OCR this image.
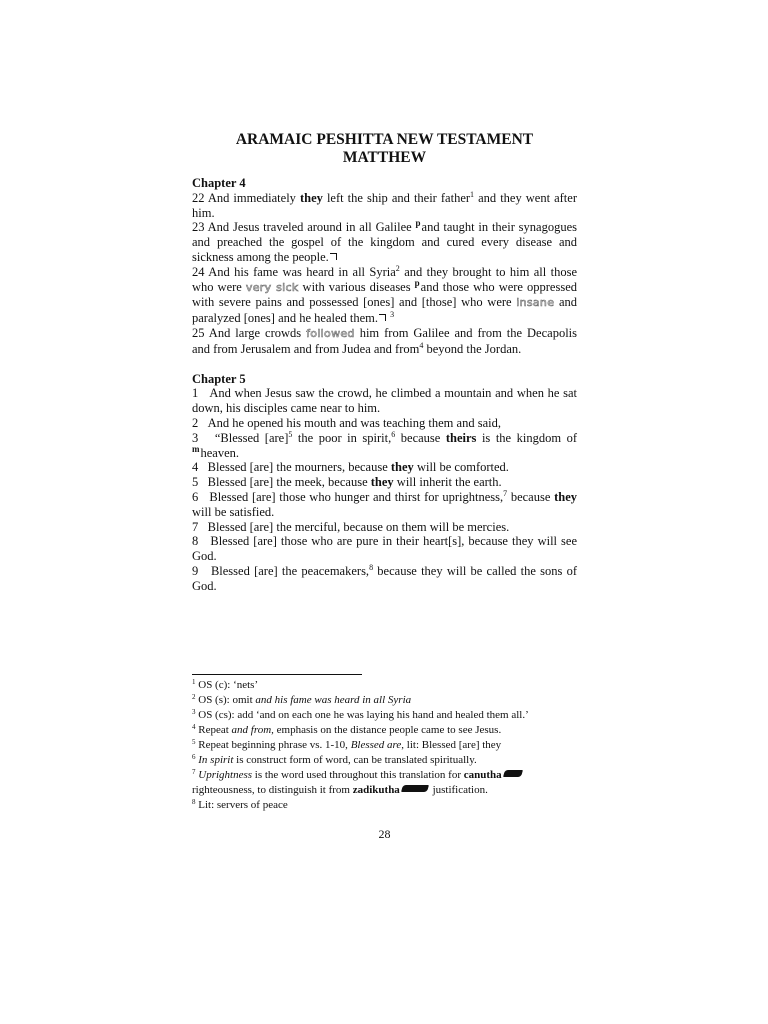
ARAMAIC PESHITTA NEW TESTAMENT
MATTHEW
Chapter 4

22 And immediately they left the ship and their father$^1$ and they went after him.

23 And Jesus traveled around in all Galilee $^p$and taught in their synagogues and preached the gospel of the kingdom and cured every disease and sickness among the people.

24 And his fame was heard in all Syria$^2$ and they brought to him all those who were very sick with various diseases $^p$and those who were oppressed with severe pains and possessed [ones] and [those] who were insane and paralyzed [ones] and he healed them. $^3$

25 And large crowds followed him from Galilee and from the Decapolis and from Jerusalem and from Judea and from$^4$ beyond the Jordan.

Chapter 5

1 And when Jesus saw the crowd, he climbed a mountain and when he sat down, his disciples came near to him.

2 And he opened his mouth and was teaching them and said,

3 “Blessed [are]$^5$ the poor in spirit,$^6$ because theirs is the kingdom of $^m$heaven.

4 Blessed [are] the mourners, because they will be comforted.

5 Blessed [are] the meek, because they will inherit the earth.

6 Blessed [are] those who hunger and thirst for uprightness,$^7$ because they will be satisfied.

7 Blessed [are] the merciful, because on them will be mercies.

8 Blessed [are] those who are pure in their heart[s], because they will see God.

9 Blessed [are] the peacemakers,$^8$ because they will be called the sons of God.

$^1$ OS (c): ‘nets’

$^2$ OS (s): omit and his fame was heard in all Syria

$^3$ OS (cs): add ‘and on each one he was laying his hand and healed them all.’

$^4$ Repeat and from, emphasis on the distance people came to see Jesus.

$^5$ Repeat beginning phrase vs. 1-10, Blessed are, lit: Blessed [are] they

$^6$ In spirit is construct form of word, can be translated spiritually.

$^7$ Uprightness is the word used throughout this translation for canutha righteousness, to distinguish it from zadikutha	justification.

$^8$ Lit: servers of peace

28
